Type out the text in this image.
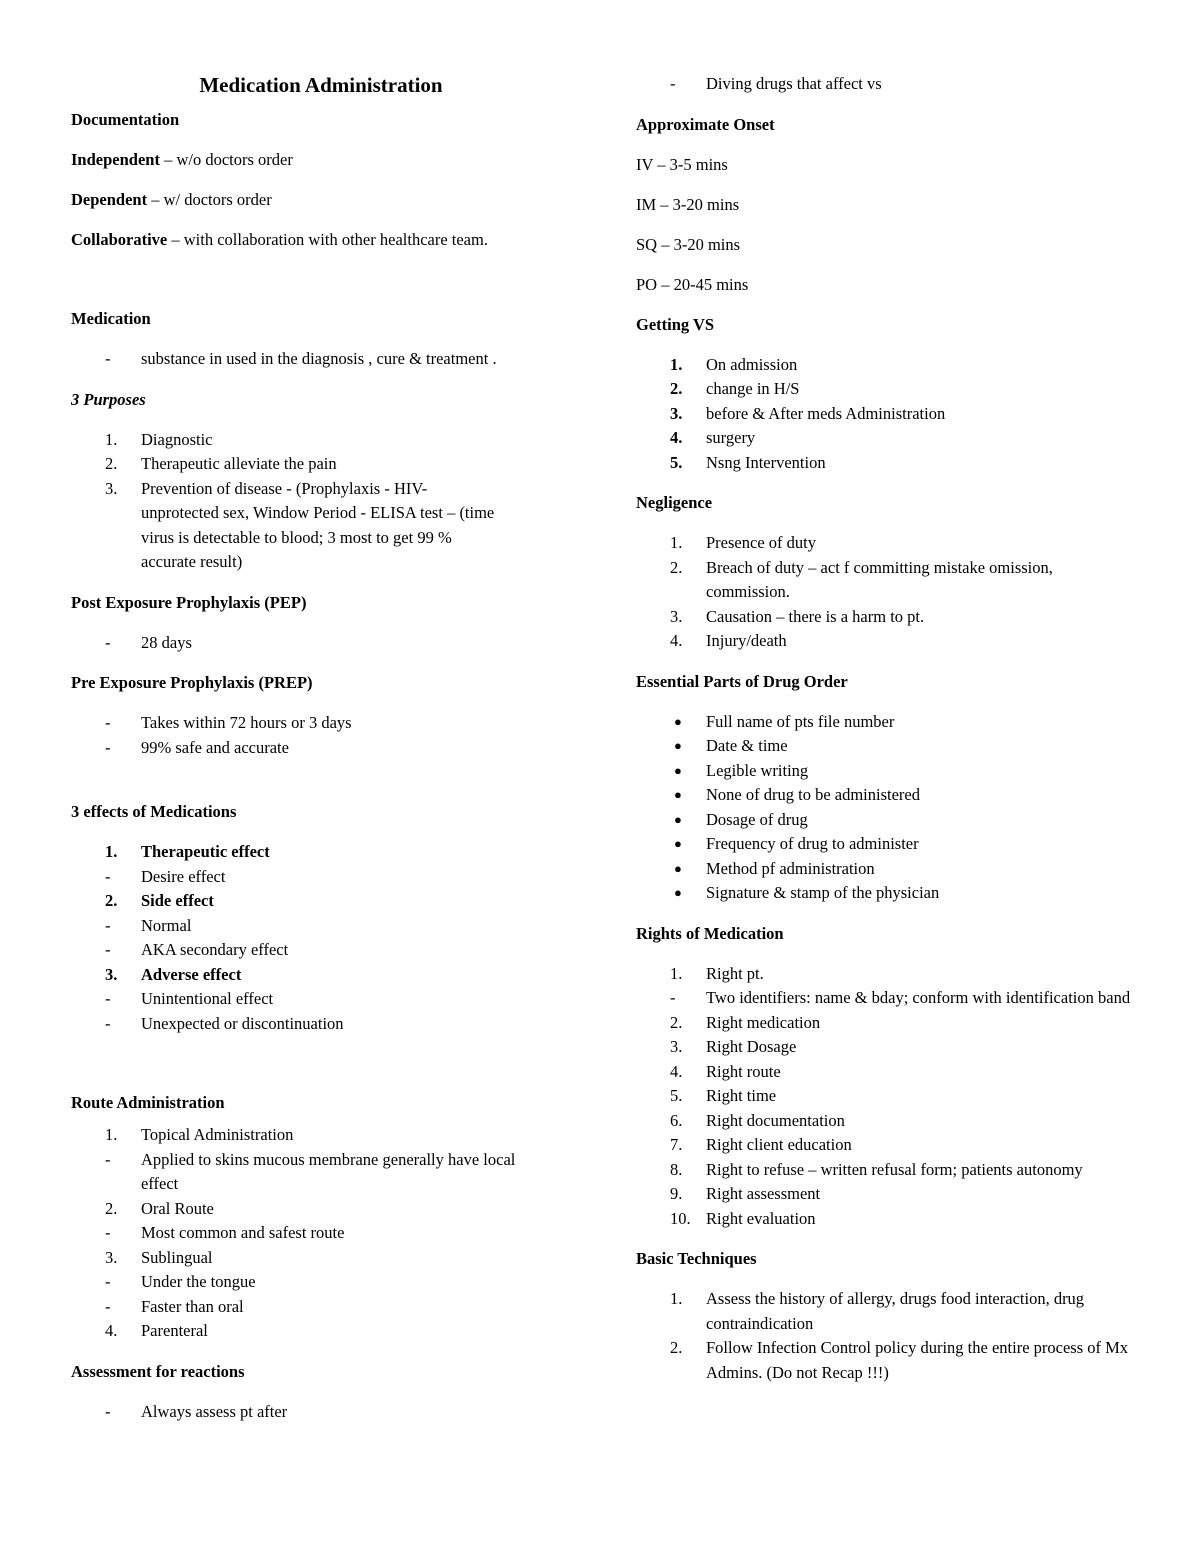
Medication Administration
Documentation
Independent – w/o doctors order
Dependent – w/ doctors order
Collaborative – with collaboration with other healthcare team.
Medication
-	substance in used in the diagnosis , cure & treatment .
3 Purposes
1.	Diagnostic
2.	Therapeutic alleviate the pain
3.	Prevention of disease - (Prophylaxis - HIV- unprotected sex, Window Period - ELISA test – (time virus is detectable to blood; 3 most to get 99 % accurate result)
Post Exposure Prophylaxis (PEP)
-	28 days
Pre Exposure Prophylaxis (PREP)
-	Takes within 72 hours or 3 days
-	99% safe and accurate
3 effects of Medications
1.	Therapeutic effect
-	Desire effect
2.	Side effect
-	Normal
-	AKA secondary effect
3.	Adverse effect
-	Unintentional effect
-	Unexpected or discontinuation
Route Administration
1.	Topical Administration
-	Applied to skins mucous membrane generally have local effect
2.	Oral Route
-	Most common and safest route
3.	Sublingual
-	Under the tongue
-	Faster than oral
4.	Parenteral
Assessment for reactions
-	Always assess pt after
-	Diving drugs that affect vs
Approximate Onset
IV – 3-5 mins
IM – 3-20 mins
SQ – 3-20 mins
PO – 20-45 mins
Getting VS
1.	On admission
2.	change in H/S
3.	before & After meds Administration
4.	surgery
5.	Nsng Intervention
Negligence
1.	Presence of duty
2.	Breach of duty – act f committing mistake omission, commission.
3.	Causation – there is a harm to pt.
4.	Injury/death
Essential Parts of Drug Order
●	Full name of pts file number
●	Date & time
●	Legible writing
●	None of drug to be administered
●	Dosage of drug
●	Frequency of drug to administer
●	Method pf administration
●	Signature & stamp of the physician
Rights of Medication
1.	Right pt.
-	Two identifiers: name & bday; conform with identification band
2.	Right medication
3.	Right Dosage
4.	Right route
5.	Right time
6.	Right documentation
7.	Right client education
8.	Right to refuse – written refusal form; patients autonomy
9.	Right assessment
10. Right evaluation
Basic Techniques
1.	Assess the history of allergy, drugs food interaction, drug contraindication
2.	Follow Infection Control policy during the entire process of Mx Admins. (Do not Recap !!!)
